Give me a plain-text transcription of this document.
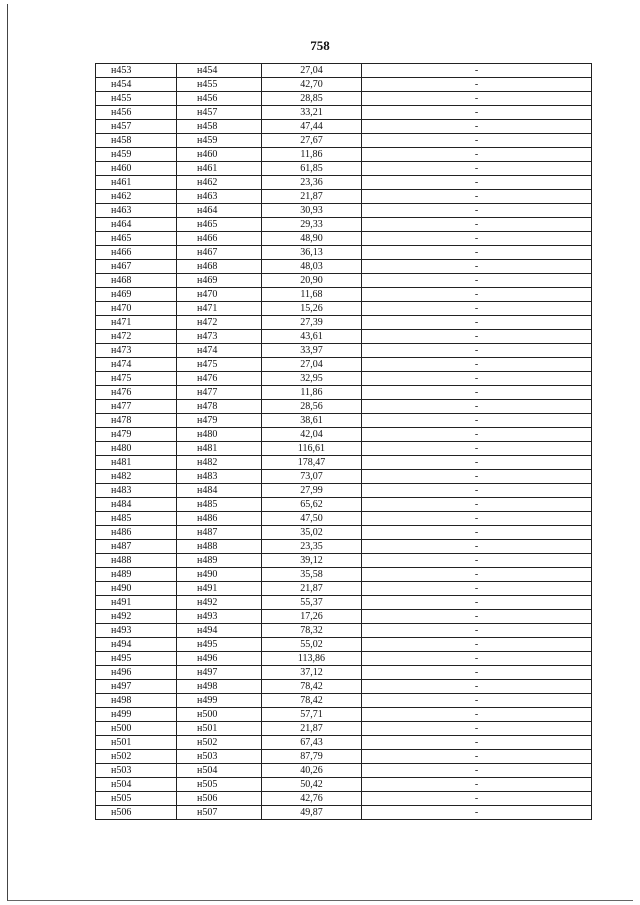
758
н453	н454	27,04	-
н454	н455	42,70	-
н455	н456	28,85	-
н456	н457	33,21	-
н457	н458	47,44	-
н458	н459	27,67	-
н459	н460	11,86	-
н460	н461	61,85	-
н461	н462	23,36	-
н462	н463	21,87	-
н463	н464	30,93	-
н464	н465	29,33	-
н465	н466	48,90	-
н466	н467	36,13	-
н467	н468	48,03	-
н468	н469	20,90	-
н469	н470	11,68	-
н470	н471	15,26	-
н471	н472	27,39	-
н472	н473	43,61	-
н473	н474	33,97	-
н474	н475	27,04	-
н475	н476	32,95	-
н476	н477	11,86	-
н477	н478	28,56	-
н478	н479	38,61	-
н479	н480	42,04	-
н480	н481	116,61	-
н481	н482	178,47	-
н482	н483	73,07	-
н483	н484	27,99	-
н484	н485	65,62	-
н485	н486	47,50	-
н486	н487	35,02	-
н487	н488	23,35	-
н488	н489	39,12	-
н489	н490	35,58	-
н490	н491	21,87	-
н491	н492	55,37	-
н492	н493	17,26	-
н493	н494	78,32	-
н494	н495	55,02	-
н495	н496	113,86	-
н496	н497	37,12	-
н497	н498	78,42	-
н498	н499	78,42	-
н499	н500	57,71	-
н500	н501	21,87	-
н501	н502	67,43	-
н502	н503	87,79	-
н503	н504	40,26	-
н504	н505	50,42	-
н505	н506	42,76	-
н506	н507	49,87	-
